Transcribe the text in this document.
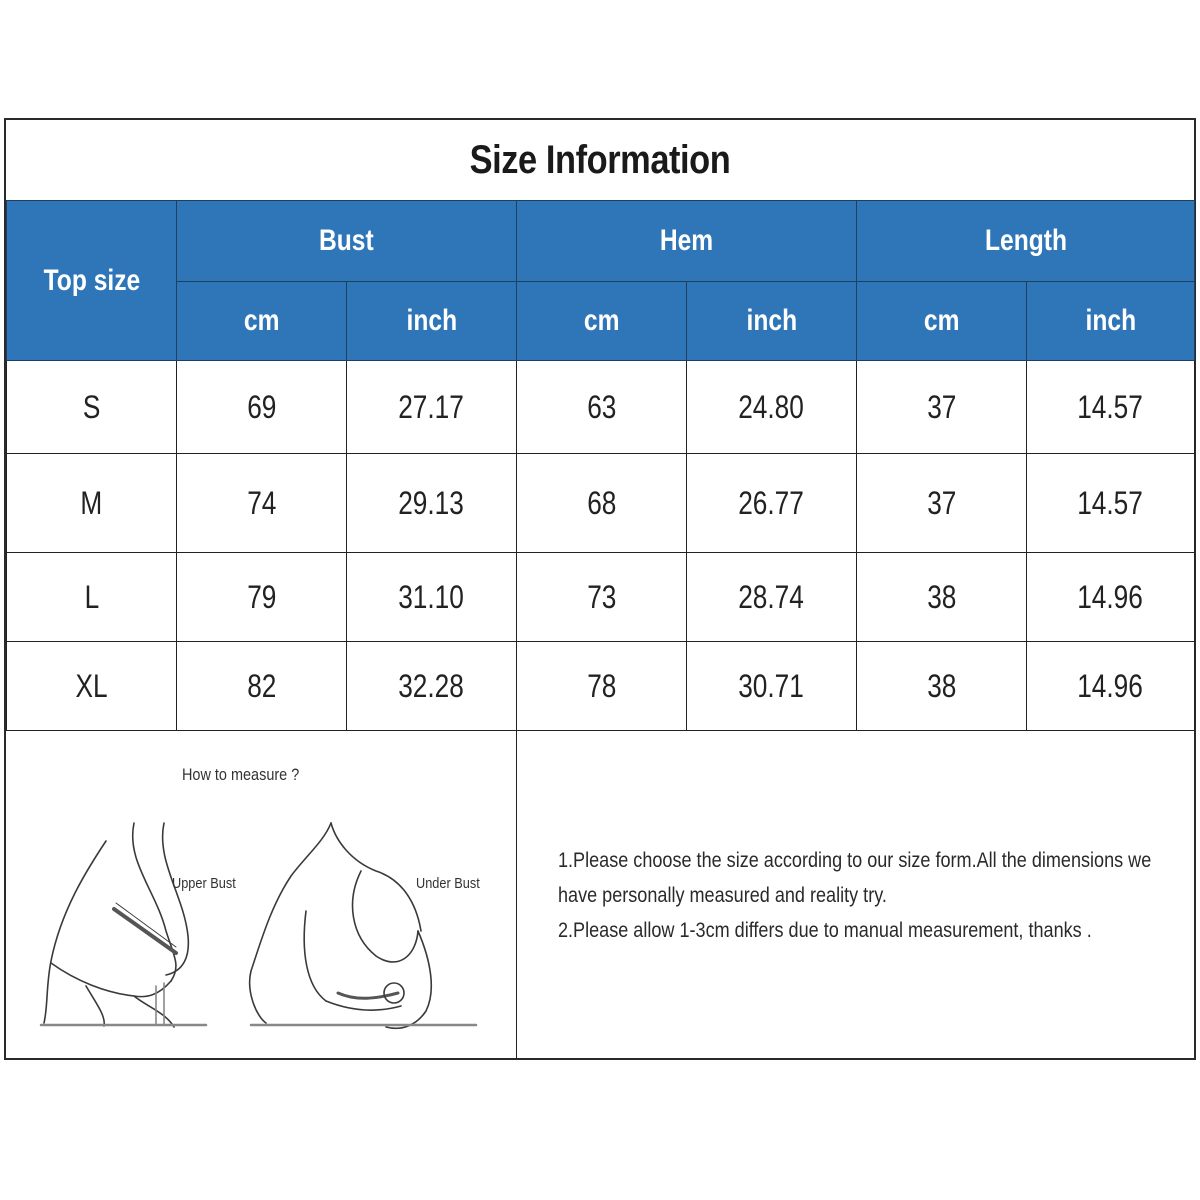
Size Information
Top size	Bust		Hem		Length	
	cm	inch	cm	inch	cm	inch
S	69	27.17	63	24.80	37	14.57
M	74	29.13	68	26.77	37	14.57
L	79	31.10	73	28.74	38	14.96
XL	82	32.28	78	30.71	38	14.96
How to measure ?
Upper Bust	Under Bust
1.Please choose the size according to our size form.All the dimensions we
have personally measured and reality try.
2.Please allow 1-3cm differs due to manual measurement, thanks .
